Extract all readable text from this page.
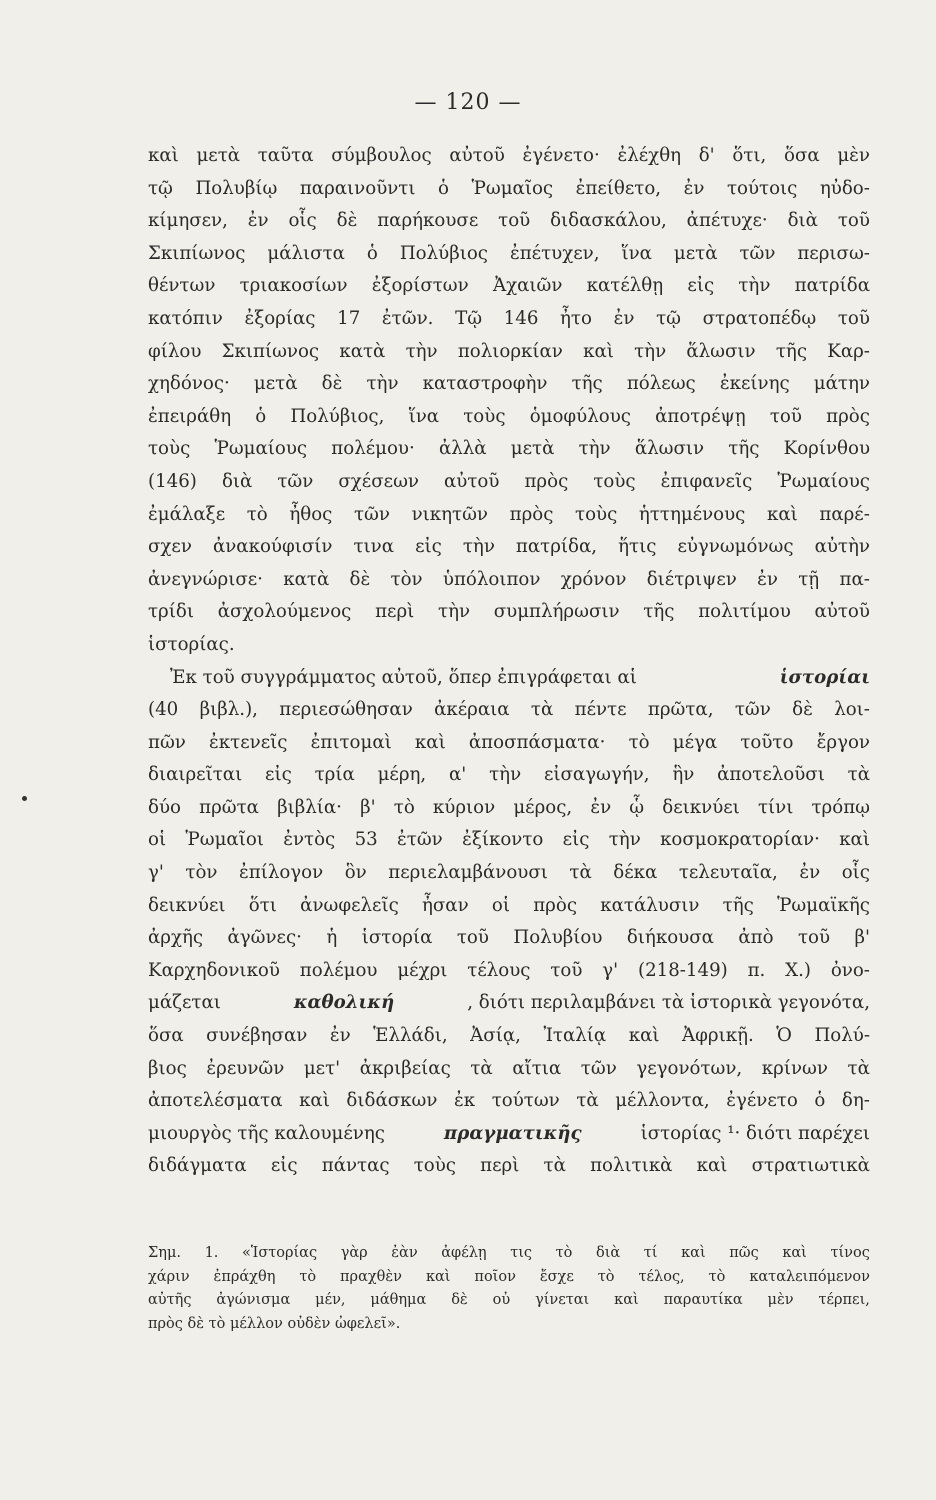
— 120 —
καὶ μετὰ ταῦτα σύμβουλος αὐτοῦ ἐγένετο· ἐλέχθη δ' ὅτι, ὅσα μὲν
τῷ Πολυβίῳ παραινοῦντι ὁ Ῥωμαῖος ἐπείθετο, ἐν τούτοις ηὐδο-
κίμησεν, ἐν οἷς δὲ παρήκουσε τοῦ διδασκάλου, ἀπέτυχε· διὰ τοῦ
Σκιπίωνος μάλιστα ὁ Πολύβιος ἐπέτυχεν, ἵνα μετὰ τῶν περισω-
θέντων τριακοσίων ἐξορίστων Ἀχαιῶν κατέλθῃ εἰς τὴν πατρίδα
κατόπιν ἐξορίας 17 ἐτῶν. Τῷ 146 ἦτο ἐν τῷ στρατοπέδῳ τοῦ
φίλου Σκιπίωνος κατὰ τὴν πολιορκίαν καὶ τὴν ἅλωσιν τῆς Καρ-
χηδόνος· μετὰ δὲ τὴν καταστροφὴν τῆς πόλεως ἐκείνης μάτην
ἐπειράθη ὁ Πολύβιος, ἵνα τοὺς ὁμοφύλους ἀποτρέψῃ τοῦ πρὸς
τοὺς Ῥωμαίους πολέμου· ἀλλὰ μετὰ τὴν ἅλωσιν τῆς Κορίνθου
(146) διὰ τῶν σχέσεων αὐτοῦ πρὸς τοὺς ἐπιφανεῖς Ῥωμαίους
ἐμάλαξε τὸ ἦθος τῶν νικητῶν πρὸς τοὺς ἡττημένους καὶ παρέ-
σχεν ἀνακούφισίν τινα εἰς τὴν πατρίδα, ἥτις εὐγνωμόνως αὐτὴν
ἀνεγνώρισε· κατὰ δὲ τὸν ὑπόλοιπον χρόνον διέτριψεν ἐν τῇ πα-
τρίδι ἀσχολούμενος περὶ τὴν συμπλήρωσιν τῆς πολιτίμου αὐτοῦ
ἱστορίας.
Ἐκ τοῦ συγγράμματος αὐτοῦ, ὅπερ ἐπιγράφεται αἱ	ἱστορίαι
(40 βιβλ.), περιεσώθησαν ἀκέραια τὰ πέντε πρῶτα, τῶν δὲ λοι-
πῶν ἐκτενεῖς ἐπιτομαὶ καὶ ἀποσπάσματα· τὸ μέγα τοῦτο ἔργον
διαιρεῖται εἰς τρία μέρη, α' τὴν εἰσαγωγήν, ἣν ἀποτελοῦσι τὰ
δύο πρῶτα βιβλία· β' τὸ κύριον μέρος, ἐν ᾧ δεικνύει τίνι τρόπῳ
οἱ Ῥωμαῖοι ἐντὸς 53 ἐτῶν ἐξίκοντο εἰς τὴν κοσμοκρατορίαν· καὶ
γ' τὸν ἐπίλογον ὃν περιελαμβάνουσι τὰ δέκα τελευταῖα, ἐν οἷς
δεικνύει ὅτι ἀνωφελεῖς ἦσαν οἱ πρὸς κατάλυσιν τῆς Ῥωμαϊκῆς
ἀρχῆς ἀγῶνες· ἡ ἱστορία τοῦ Πολυβίου διήκουσα ἀπὸ τοῦ β'
Καρχηδονικοῦ πολέμου μέχρι τέλους τοῦ γ' (218-149) π. Χ.) ὀνο-
μάζεται	καθολική	, διότι περιλαμβάνει τὰ ἱστορικὰ γεγονότα,
ὅσα συνέβησαν ἐν Ἑλλάδι, Ἀσίᾳ, Ἰταλίᾳ καὶ Ἀφρικῇ. Ὁ Πολύ-
βιος ἐρευνῶν μετ' ἀκριβείας τὰ αἴτια τῶν γεγονότων, κρίνων τὰ
ἀποτελέσματα καὶ διδάσκων ἐκ τούτων τὰ μέλλοντα, ἐγένετο ὁ δη-
μιουργὸς τῆς καλουμένης	πραγματικῆς	ἱστορίας ¹· διότι παρέχει
διδάγματα εἰς πάντας τοὺς περὶ τὰ πολιτικὰ καὶ στρατιωτικὰ
Σημ. 1. «Ἱστορίας γὰρ ἐὰν ἀφέλῃ τις τὸ διὰ τί καὶ πῶς καὶ τίνος
χάριν ἐπράχθη τὸ πραχθὲν καὶ ποῖον ἔσχε τὸ τέλος, τὸ καταλειπόμενον
αὐτῆς ἀγώνισμα μέν, μάθημα δὲ οὐ γίνεται καὶ παραυτίκα μὲν τέρπει,
πρὸς δὲ τὸ μέλλον οὐδὲν ὠφελεῖ».
